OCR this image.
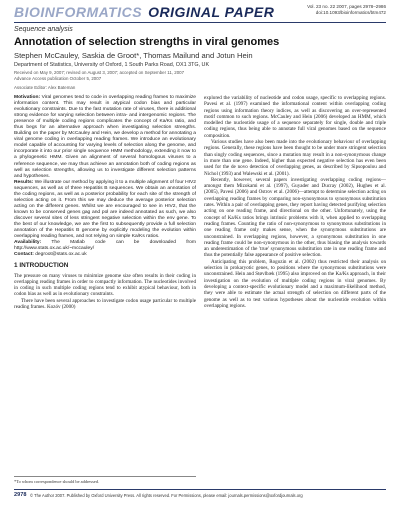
BIOINFORMATICS ORIGINAL PAPER	Vol. 23 no. 22 2007, pages 2978–2986
doi:10.1093/bioinformatics/btm472
Sequence analysis
Annotation of selection strengths in viral genomes
Stephen McCauley, Saskia de Groot*, Thomas Mailund and Jotun Hein
Department of Statistics, University of Oxford, 1 South Parks Road, OX1 3TG, UK
Received on May 9, 2007; revised on August 3, 2007; accepted on September 11, 2007
Advance Access publication October 5, 2007
Associate Editor: Alex Bateman

Motivation: Viral genomes tend to code in overlapping reading frames to maximize information content. This may result in atypical codon bias and particular evolutionary constraints. Due to the fast mutation rate of viruses, there is additional strong evidence for varying selection between intra- and intergenomic regions. The presence of multiple coding regions complicates the concept of Ka/Ks ratio, and thus begs for an alternative approach when investigating selection strengths. Building on the paper by McCauley and Hein, we develop a method for annotating a viral genome coding in overlapping reading frames. We introduce an evolutionary model capable of accounting for varying levels of selection along the genome, and incorporate it into our prior single sequence HMM methodology, extending it now to a phylogenetic HMM. Given an alignment of several homologous viruses to a reference sequence, we may thus achieve an annotation both of coding regions as well as selection strengths, allowing us to investigate different selection patterns and hypotheses.

Results: We illustrate our method by applying it to a multiple alignment of four HIV2 sequences, as well as of three Hepatitis B sequences. We obtain an annotation of the coding regions, as well as a posterior probability for each site of the strength of selection acting on it. From this we may deduce the average posterior selection acting on the different genes. Whilst we are encouraged to see in HIV2, that the known to be conserved genes gag and pol are indeed annotated as such, we also discover several sites of less stringent negative selection within the env gene. To the best of our knowledge, we are the first to subsequently provide a full selection annotation of the Hepatitis B genome by explicitly modeling the evolution within overlapping reading frames, and not relying on simple Ka/Ks ratios.

Availability: The Matlab code can be downloaded from http://www.stats.ox.ac.uk/~mccauley/

Contact: degroot@stats.ox.ac.uk

1 INTRODUCTION

The pressure on many viruses to minimize genome size often results in their coding in overlapping reading frames in order to compactly information. The nucleotides involved in coding in such multiple coding regions tend to exhibit atypical behaviour, both in codon bias as well as in evolutionary constraints.

There have been several approaches to investigate codon usage particular to multiple reading frames. Kozóv (2000)

explored the variability of nucleotide and codon usage, specific to overlapping regions. Pavesi et al. (1997) examined the informational content within overlapping coding regions using information theory indices, as well as discovering an over-represented motif common to such regions. McCauley and Hein (2006) developed an HMM, which modelled the nucleotide usage of a sequence separately for single, double and triple coding regions, thus being able to annotate full viral genomes based on the sequence composition.

Various studies have also been made into the evolutionary behaviour of overlapping regions. Generally, these regions have been thought to be under more stringent selection than singly coding sequences, since a mutation may result in a non-synonymous change in more than one gene. Indeed, higher than expected negative selection has even been used for the de novo detection of overlapping genes, as described by Sipsopoulou and Nichol (1993) and Walewski et al. (2001).

Recently, however, several papers investigating overlapping coding regions—amongst them Mizokami et al. (1997), Guyader and Ducray (2002), Hughes et al. (2005), Pavesi (2006) and Ostrov et al. (2006)—attempt to determine selection acting on overlapping reading frames by comparing non-synonymous to synonymous substitution rates. Within a pair of overlapping genes, they report having detected purifying selection acting on one reading frame, and directional on the other. Unfortunately, using the concept of Ka/Ks ratios brings intrinsic problems with it, when applied to overlapping reading frames. Counting the ratio of non-synonymous to synonymous substitutions in one reading frame only makes sense, when the synonymous substitutions are unconstrained. In overlapping regions, however, a synonymous substitution in one reading frame could be non-synonymous in the other, thus biasing the analysis towards an underestimation of the 'true' synonymous substitution rate in one reading frame and thus the potentially false appearance of positive selection.

Anticipating this problem, Rogozin et al. (2002) thus restricted their analysis on selection in prokaryotic genes, to positions where the synonymous substitutions were unconstrained. Hein and Støvlbæk (1995) also improved on the Ka/Ks approach, in their investigation on the evolution of multiple coding regions in viral genomes. By developing a context-specific evolutionary model and a maximum-likelihood method, they were able to estimate the actual strength of selection on different parts of the genome as well as to test various hypotheses about the nucleotide evolution within overlapping regions.

*To whom correspondence should be addressed.
2978 © The Author 2007. Published by Oxford University Press. All rights reserved. For Permissions, please email: journals.permissions@oxfordjournals.org
